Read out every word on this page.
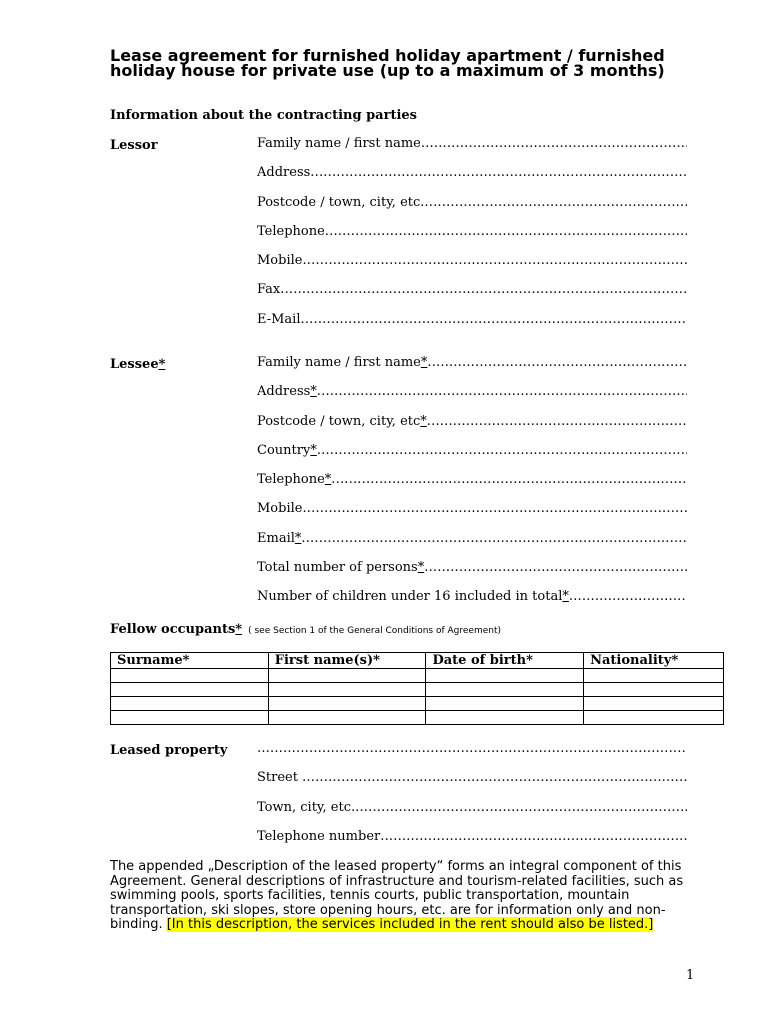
Lease agreement for furnished holiday apartment / furnished holiday house for private use (up to a maximum of 3 months)
Information about the contracting parties
Lessor	Family name / first name
.....
Address
.....
Postcode / town, city, etc.
.....
Telephone
.....
Mobile
.....
Fax
.....
E-Mail
.....
Lessee*	Family name / first name *
.....
Address *
.....
Postcode / town, city, etc *
.....
Country *
.....
Telephone *
.....
Mobile
.....
Email *
.....
Total number of persons *
.....
Number of children under 16 included in total *
.....
Fellow occupants* ( see Section 1 of the General Conditions of Agreement)
Surname*	First name(s)*	Date of birth*	Nationality*

Leased property
.....
Street
.....
Town, city, etc.
.....
Telephone number
.....

The appended „Description of the leased property“ forms an integral component of this Agreement. General descriptions of infrastructure and tourism-related facilities, such as swimming pools, sports facilities, tennis courts, public transportation, mountain transportation, ski slopes, store opening hours, etc. are for information only and non-binding. [In this description, the services included in the rent should also be listed.]

1
